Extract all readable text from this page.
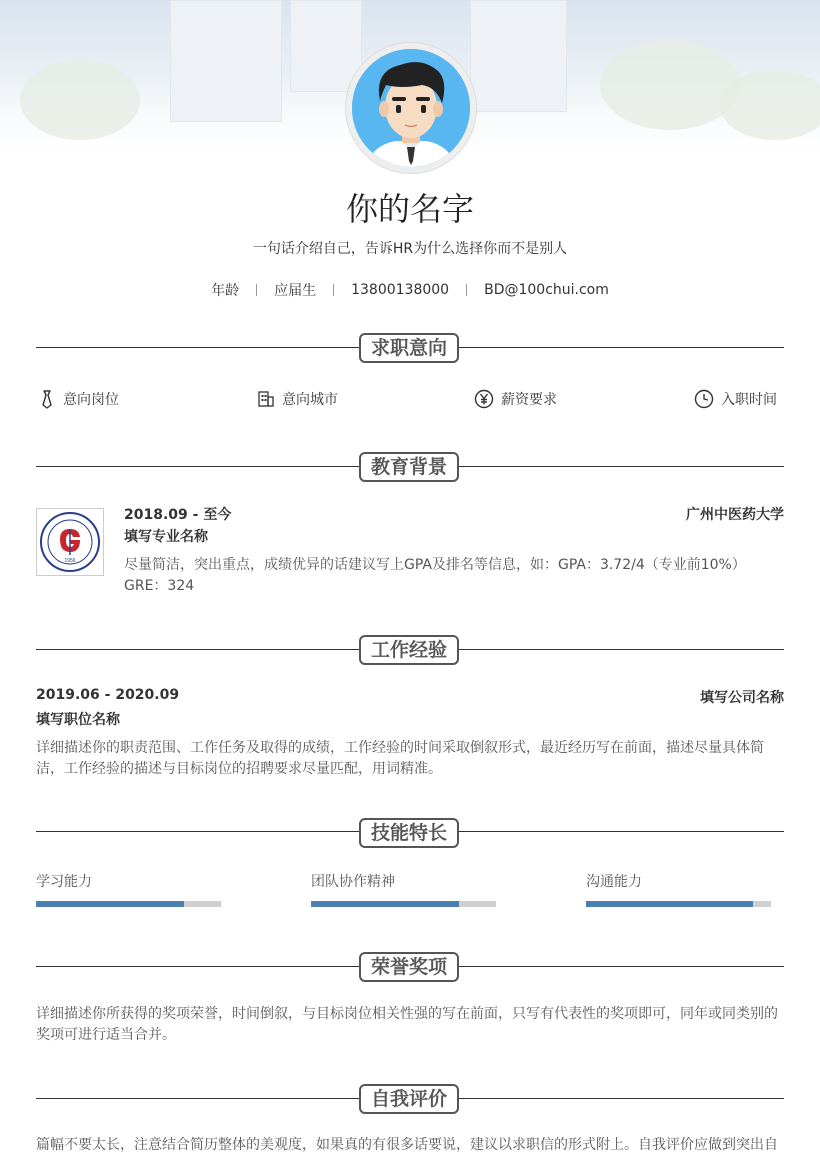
你的名字
一句话介绍自己，告诉HR为什么选择你而不是别人
年龄	应届生	13800138000	BD@100chui.com
求职意向
意向岗位	意向城市	薪资要求	入职时间
教育背景
1956
2018.09 - 至今	广州中医药大学
填写专业名称
尽量简洁，突出重点，成绩优异的话建议写上GPA及排名等信息，如：GPA：3.72/4（专业前10%） GRE：324
工作经验
2019.06 - 2020.09	填写公司名称
填写职位名称
详细描述你的职责范围、工作任务及取得的成绩，工作经验的时间采取倒叙形式，最近经历写在前面，描述尽量具体简洁，工作经验的描述与目标岗位的招聘要求尽量匹配，用词精准。
技能特长
学习能力	团队协作精神	沟通能力
荣誉奖项
详细描述你所获得的奖项荣誉，时间倒叙，与目标岗位相关性强的写在前面，只写有代表性的奖项即可，同年或同类别的奖项可进行适当合并。
自我评价
篇幅不要太长，注意结合简历整体的美观度，如果真的有很多话要说，建议以求职信的形式附上。自我评价应做到突出自
